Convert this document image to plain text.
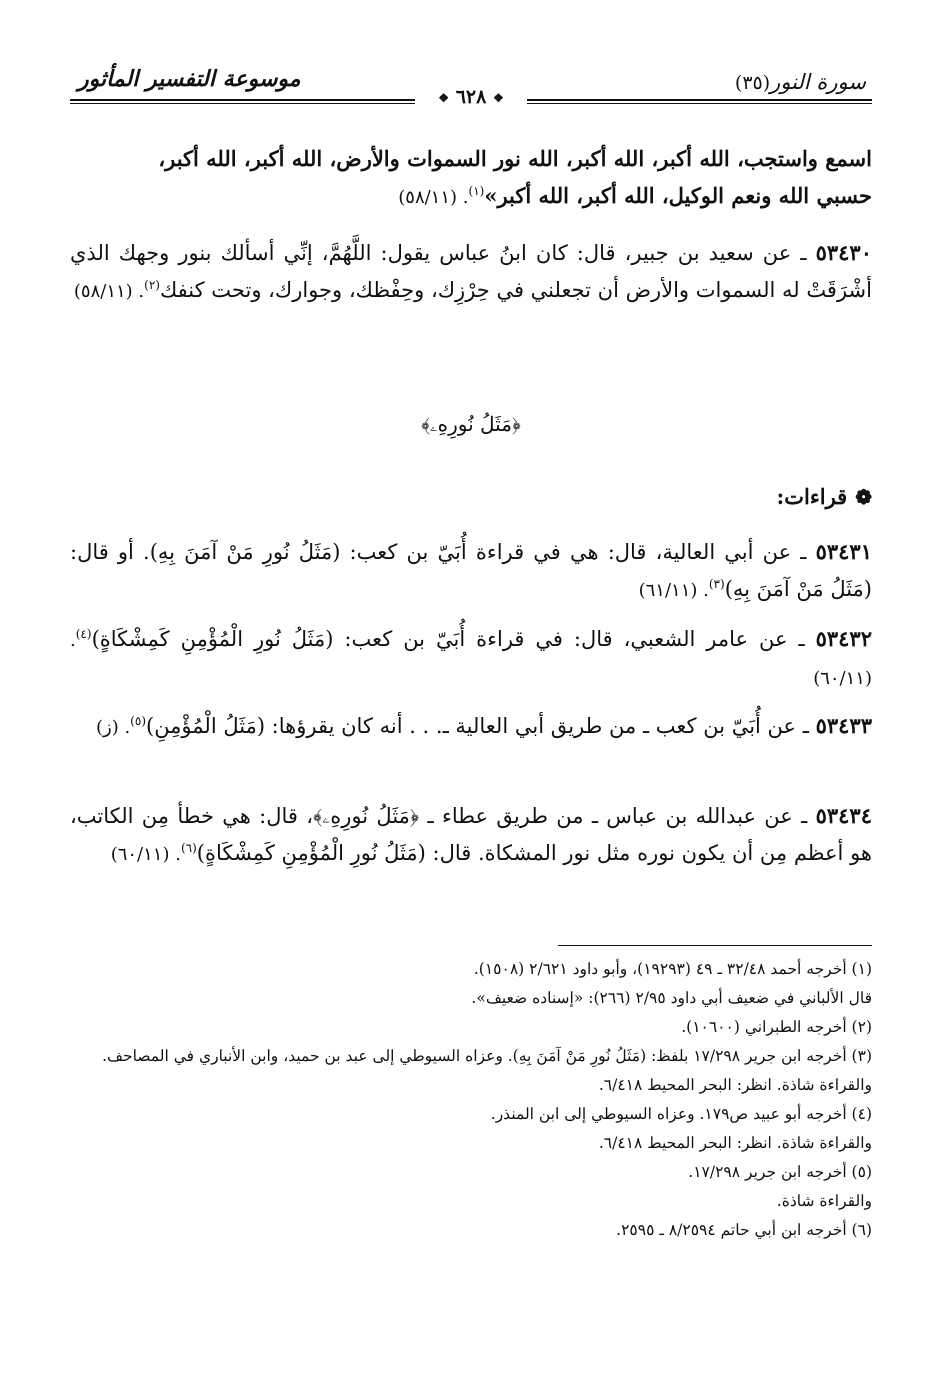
موسوعة التفسير المأثور	سورة النور(٣٥)
❖ ٦٢٨ ❖

اسمع واستجب، الله أكبر، الله أكبر، الله نور السموات والأرض، الله أكبر، الله أكبر،

حسبي الله ونعم الوكيل، الله أكبر، الله أكبر»$^{(١)}$. (٥٨/١١)

٥٣٤٣٠ ـ عن سعيد بن جبير، قال: كان ابنُ عباس يقول: اللَّهُمَّ، إنِّي أسألك بنور وجهك الذي أشْرَقَتْ له السموات والأرض أن تجعلني في حِرْزِك، وحِفْظك، وجوارك، وتحت كنفك$^{(٢)}$. (٥٨/١١)

﴿مَثَلُ نُورِهِۦ﴾
❁قراءات:

٥٣٤٣١ ـ عن أبي العالية، قال: هي في قراءة أُبَيّ بن كعب: (مَثَلُ نُورِ مَنْ آمَنَ بِهِ). أو قال: (مَثَلُ مَنْ آمَنَ بِهِ)$^{(٣)}$. (٦١/١١)

٥٣٤٣٢ ـ عن عامر الشعبي، قال: في قراءة أُبَيّ بن كعب: (مَثَلُ نُورِ الْمُؤْمِنِ كَمِشْكَاةٍ)$^{(٤)}$. (٦٠/١١)

٥٣٤٣٣ ـ عن أُبَيّ بن كعب ـ من طريق أبي العالية ـ. . . أنه كان يقرؤها: (مَثَلُ الْمُؤْمِنِ)$^{(٥)}$. (ز)

٥٣٤٣٤ ـ عن عبدالله بن عباس ـ من طريق عطاء ـ ﴿مَثَلُ نُورِهِۦ﴾، قال: هي خطأ مِن الكاتب، هو أعظم مِن أن يكون نوره مثل نور المشكاة. قال: (مَثَلُ نُورِ الْمُؤْمِنِ كَمِشْكَاةٍ)$^{(٦)}$. (٦٠/١١)

(١) أخرجه أحمد ٣٢/٤٨ ـ ٤٩ (١٩٢٩٣)، وأبو داود ٢/٦٢١ (١٥٠٨).

قال الألباني في ضعيف أبي داود ٢/٩٥ (٢٦٦): «إسناده ضعيف».

(٢) أخرجه الطبراني (١٠٦٠٠).

(٣) أخرجه ابن جرير ١٧/٢٩٨ بلفظ: (مَثَلُ نُورِ مَنْ آمَنَ بِهِ). وعزاه السيوطي إلى عبد بن حميد، وابن الأنباري في المصاحف.

والقراءة شاذة. انظر: البحر المحيط ٦/٤١٨.

(٤) أخرجه أبو عبيد ص١٧٩. وعزاه السيوطي إلى ابن المنذر.

والقراءة شاذة. انظر: البحر المحيط ٦/٤١٨.

(٥) أخرجه ابن جرير ١٧/٢٩٨.

والقراءة شاذة.

(٦) أخرجه ابن أبي حاتم ٨/٢٥٩٤ ـ ٢٥٩٥.
